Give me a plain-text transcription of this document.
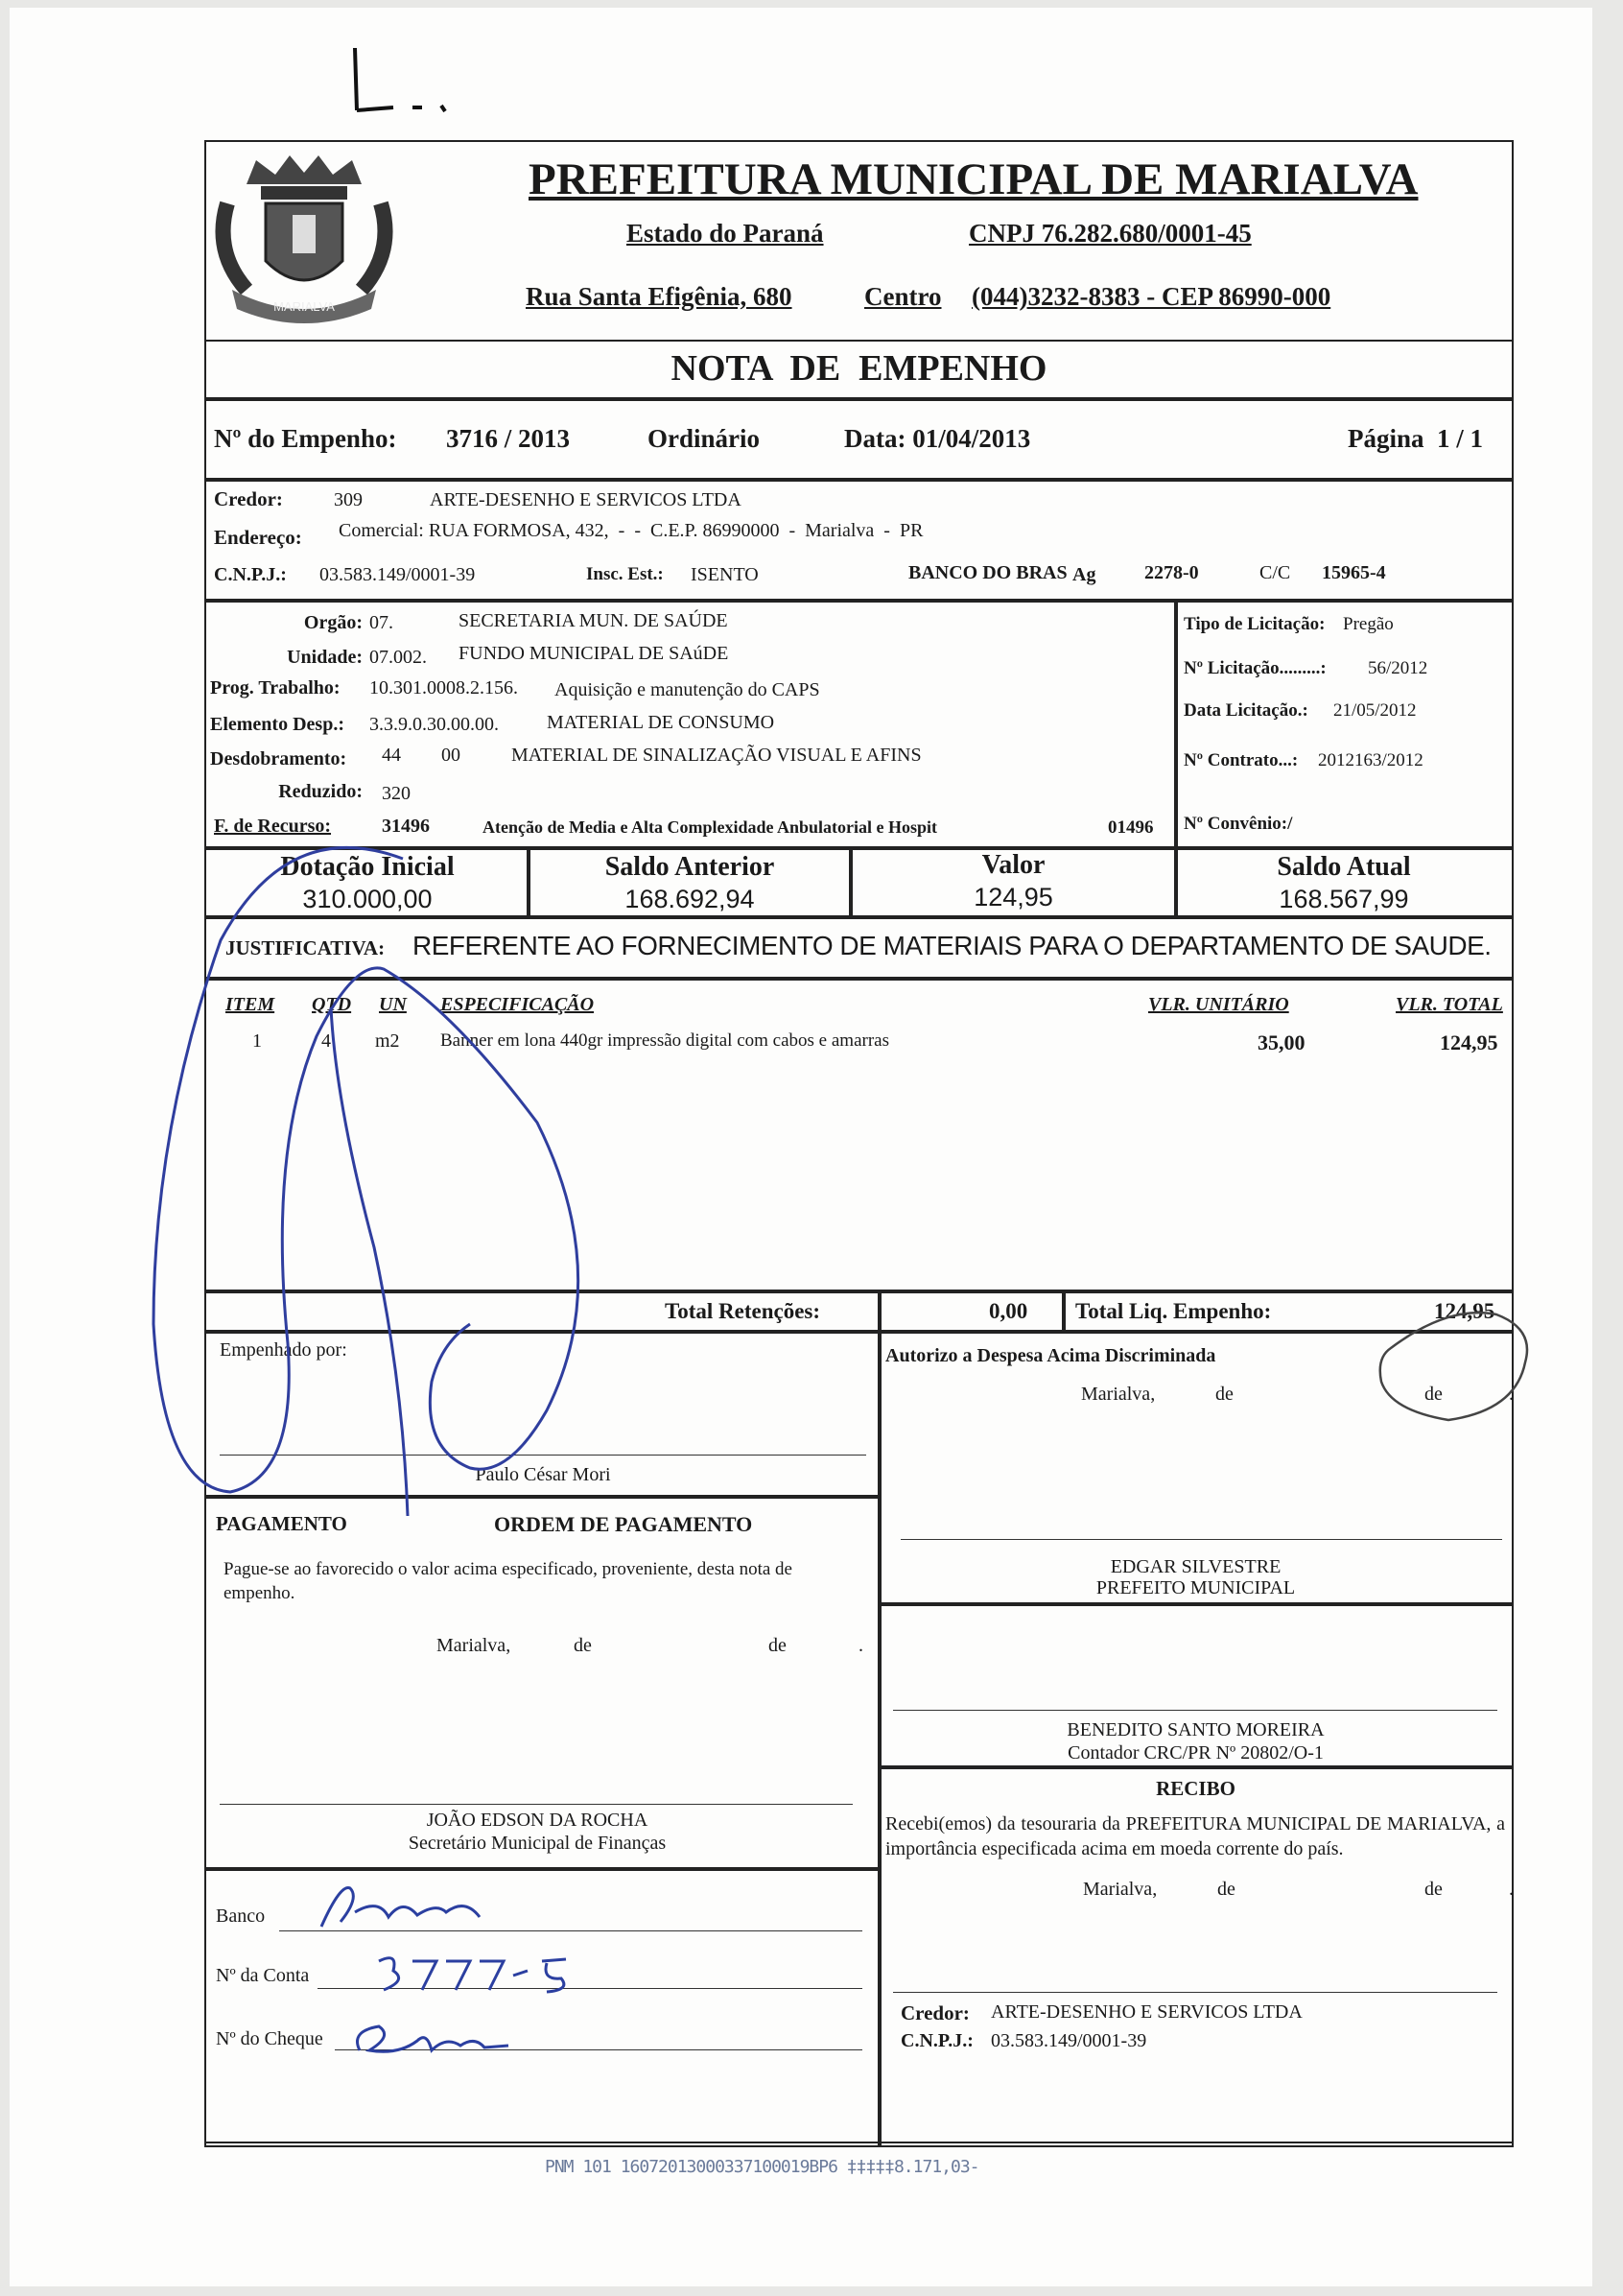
MARIALVA
PREFEITURA MUNICIPAL DE MARIALVA
Estado do Paraná	CNPJ 76.282.680/0001-45
Rua Santa Efigênia, 680	Centro (044)3232-8383 - CEP 86990-000
NOTA  DE  EMPENHO
Nº do Empenho: 3716 / 2013	Ordinário	Data: 01/04/2013	Página  1 / 1
Credor:	309	ARTE-DESENHO E SERVICOS LTDA
Endereço: Comercial: RUA FORMOSA, 432,  -  -  C.E.P. 86990000  -  Marialva  -  PR
C.N.P.J.: 03.583.149/0001-39	Insc. Est.: ISENTO	BANCO DO BRAS Ag	2278-0	C/C 15965-4
Orgão: 07.	SECRETARIA MUN. DE SAÚDE
Unidade: 07.002. FUNDO MUNICIPAL DE SAúDE
Prog. Trabalho: 10.301.0008.2.156. Aquisição e manutenção do CAPS
Elemento Desp.: 3.3.9.0.30.00.00.	MATERIAL DE CONSUMO
Desdobramento: 44 00	MATERIAL DE SINALIZAÇÃO VISUAL E AFINS
Reduzido: 320
F. de Recurso:	31496	Atenção de Media e Alta Complexidade Anbulatorial e Hospit	01496
Tipo de Licitação: Pregão
Nº Licitação.........: 56/2012
Data Licitação.: 21/05/2012
Nº Contrato...: 2012163/2012
Nº Convênio:/
Dotação Inicial
310.000,00
Saldo Anterior
168.692,94
Valor
124,95
Saldo Atual
168.567,99
JUSTIFICATIVA: REFERENTE AO FORNECIMENTO DE MATERIAIS PARA O DEPARTAMENTO DE SAUDE.
ITEM QTD UN ESPECIFICAÇÃO	VLR. UNITÁRIO	VLR. TOTAL
1	4 m2 Banner em lona 440gr impressão digital com cabos e amarras	35,00	124,95
Total Retenções:	0,00 Total Liq. Empenho:	124,95
Empenhado por:
Paulo César Mori
PAGAMENTO	ORDEM DE PAGAMENTO
Pague-se ao favorecido o valor acima especificado, proveniente, desta nota de empenho.
Marialva,	de	de	.
JOÃO EDSON DA ROCHA
Secretário Municipal de Finanças
Banco
Nº da Conta
Nº do Cheque
Autorizo a Despesa Acima Discriminada
Marialva,	de	de	.
EDGAR SILVESTRE
PREFEITO MUNICIPAL
BENEDITO SANTO MOREIRA
Contador CRC/PR Nº 20802/O-1
RECIBO
Recebi(emos) da tesouraria da PREFEITURA MUNICIPAL DE MARIALVA, a importância especificada acima em moeda corrente do país.
Marialva,	de	de	.
Credor: ARTE-DESENHO E SERVICOS LTDA
C.N.P.J.: 03.583.149/0001-39
PNM 101 16072013000337100019BP6 ‡‡‡‡‡8.171,03-
